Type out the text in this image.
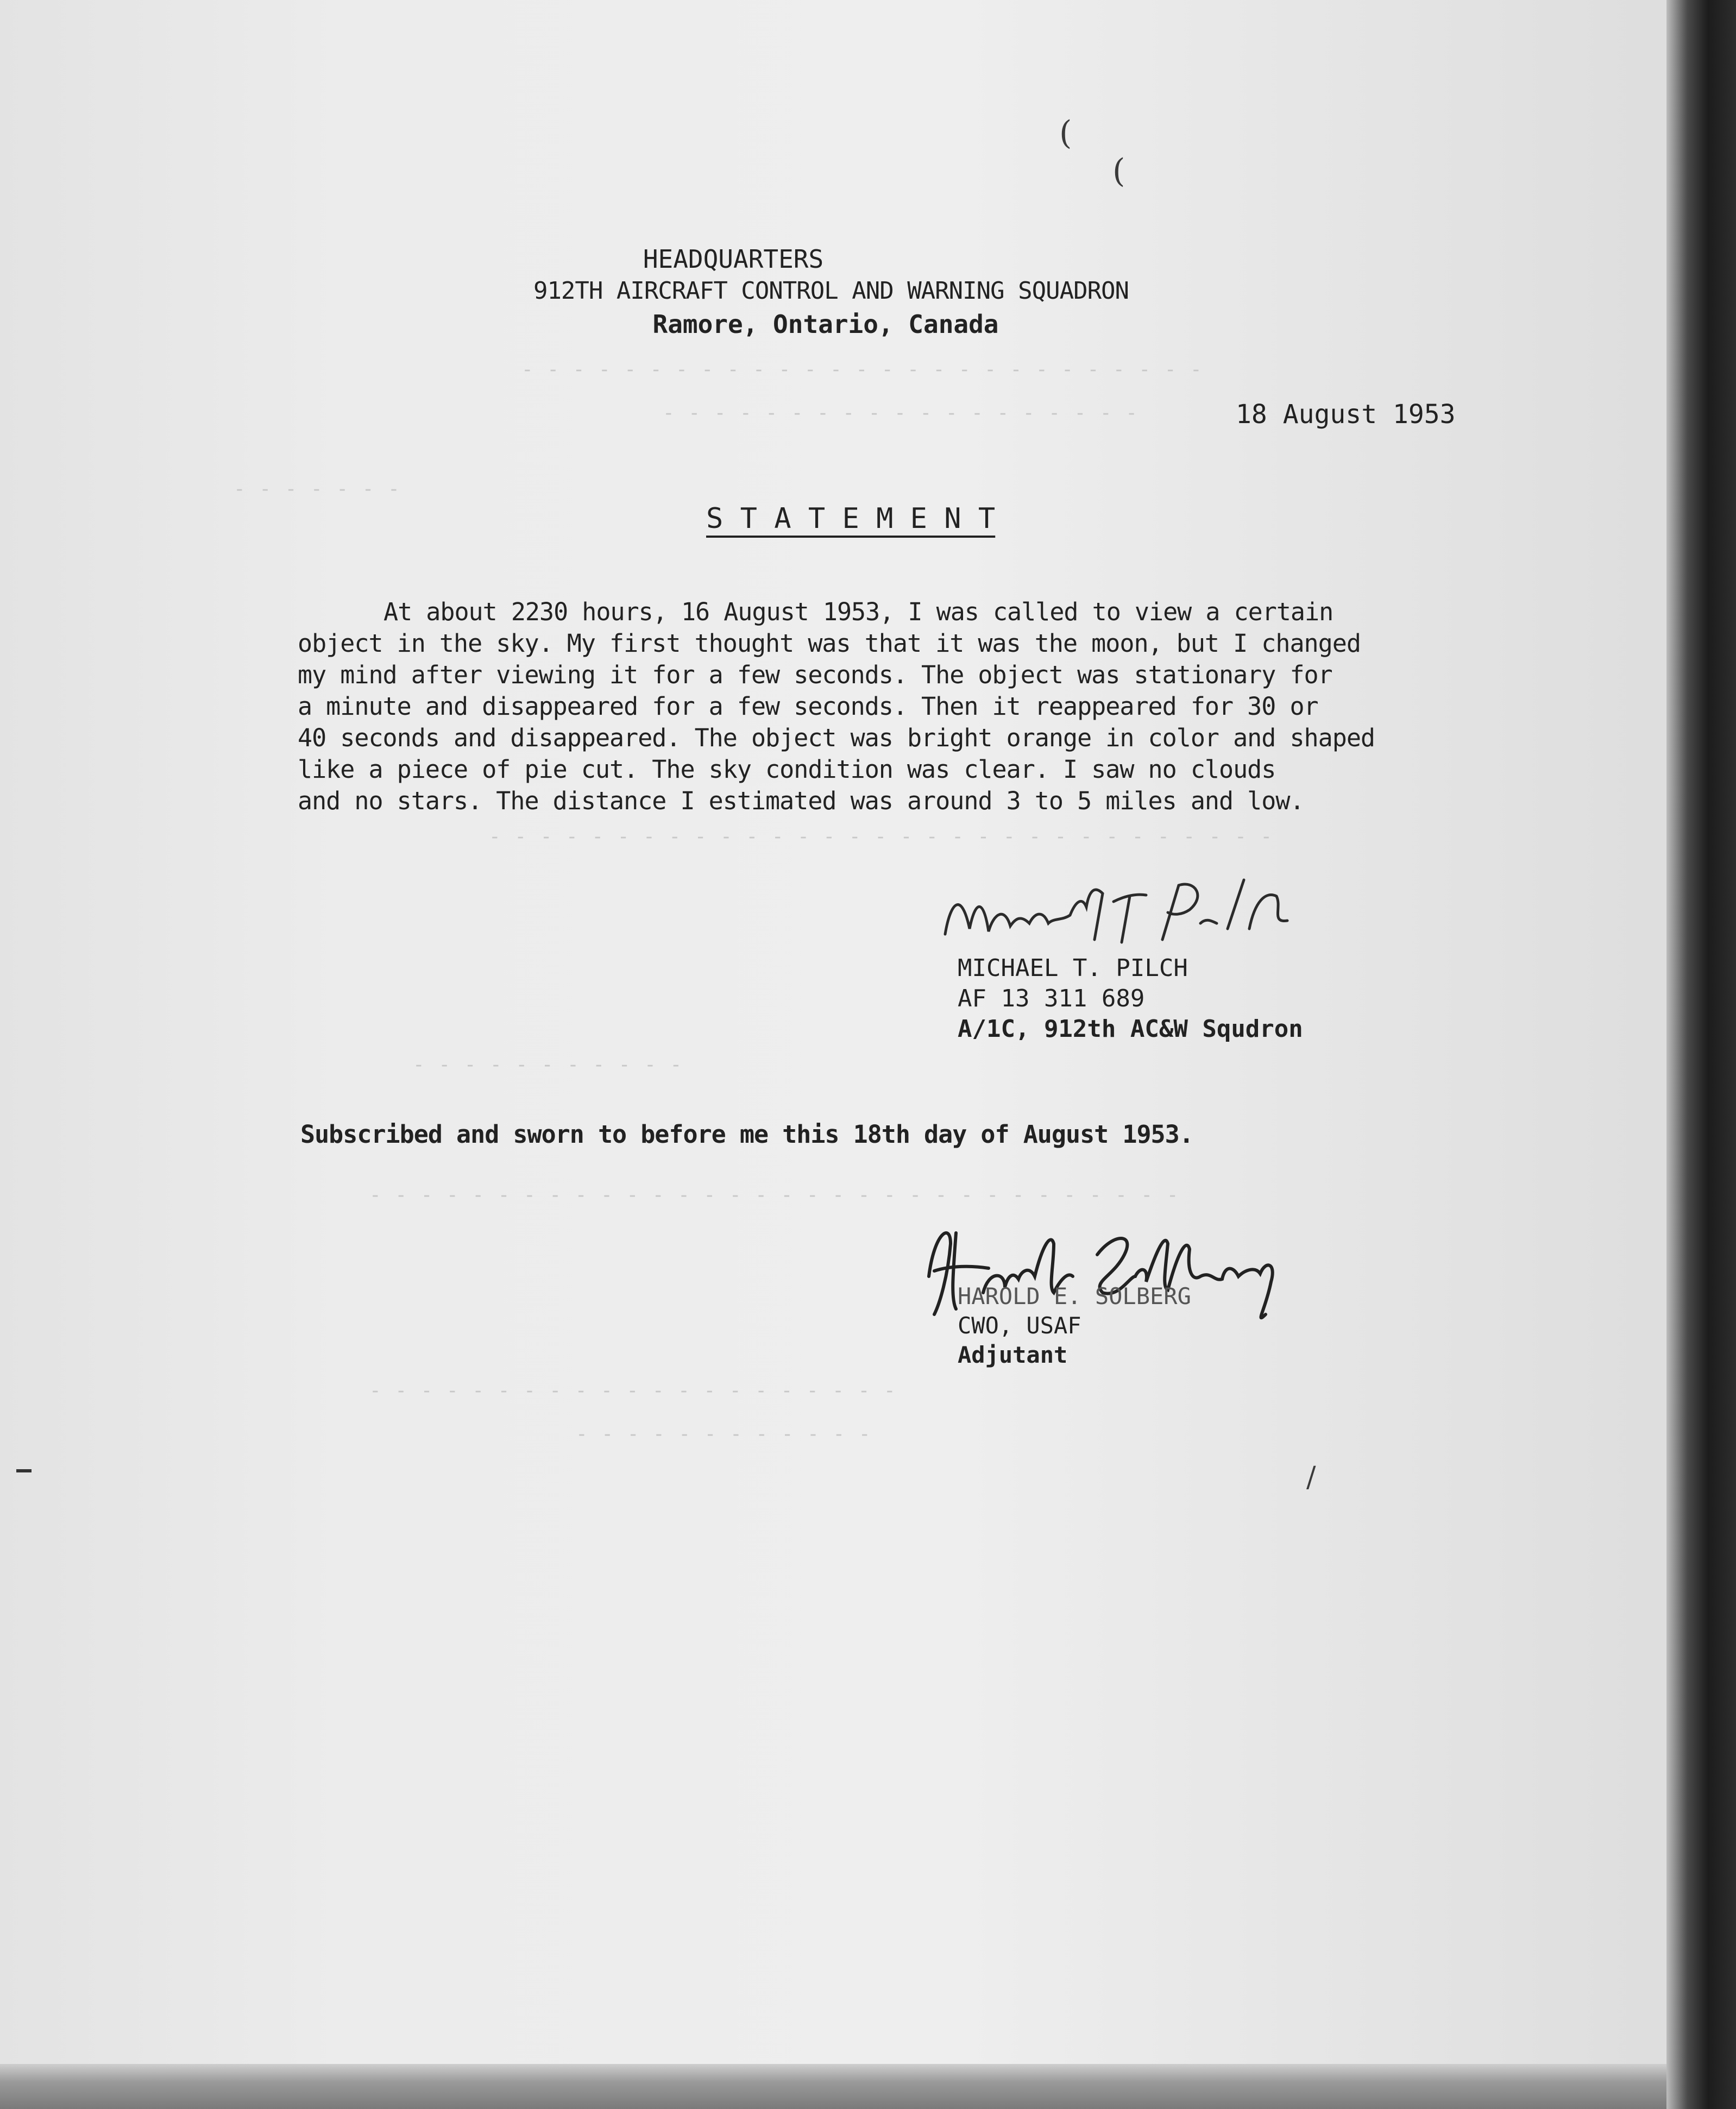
- - - - - - - - - - - - - - - - - - - - - - - - - - -
- - - - - - - - - - - - - - - - - - -
- - - - - - -
- - - - - - - - - - - - - - - - - - - - - - - - - - - - - - -
- - - - - - - - - - -
- - - - - - - - - - - - - - - - - - - - - - - - - - - - - - - -
- - - - - - - - - - - - - - - - - - - - -
- - - - - - - - - - - -
HEADQUARTERS
912TH AIRCRAFT CONTROL AND WARNING SQUADRON
Ramore, Ontario, Canada
18 August 1953
S T A T E M E N T
At about 2230 hours, 16 August 1953, I was called to view a certain
object in the sky. My first thought was that it was the moon, but I changed
my mind after viewing it for a few seconds. The object was stationary for
a minute and disappeared for a few seconds. Then it reappeared for 30 or
40 seconds and disappeared. The object was bright orange in color and shaped
like a piece of pie cut. The sky condition was clear. I saw no clouds
and no stars. The distance I estimated was around 3 to 5 miles and low.
MICHAEL T. PILCH
AF 13 311 689
A/1C, 912th AC&W Squdron
Subscribed and sworn to before me this 18th day of August 1953.
HAROLD E. SOLBERG
CWO, USAF
Adjutant
(
(
/
